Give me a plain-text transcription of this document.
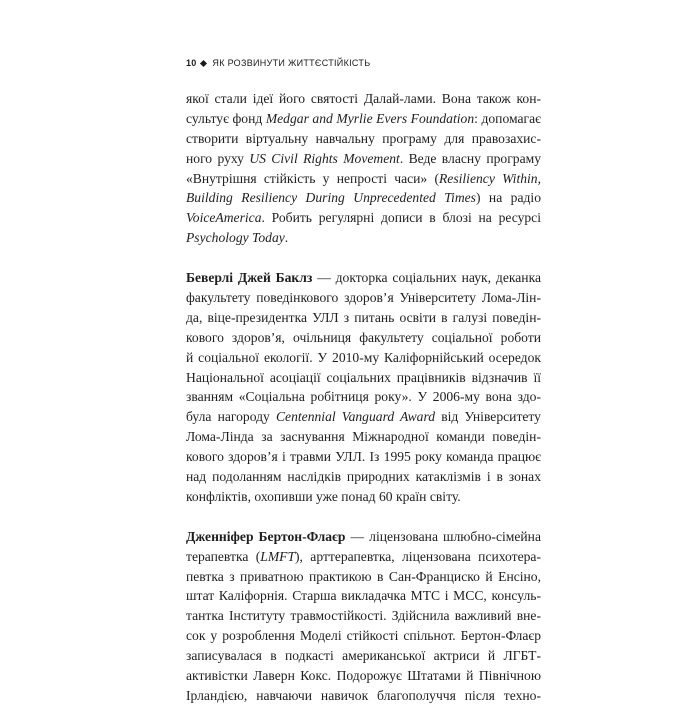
10 ЯК РОЗВИНУТИ ЖИТТЄСТІЙКІСТЬ
якої стали ідеї його святості Далай-лами. Вона також кон-
сультує фонд Medgar and Myrlie Evers Foundation: допомагає
створити віртуальну навчальну програму для правозахис-
ного руху US Civil Rights Movement. Веде власну програму
«Внутрішня стійкість у непрості часи» (Resiliency Within,
Building Resiliency During Unprecedented Times) на радіо
VoiceAmerica. Робить регулярні дописи в блозі на ресурсі
Psychology Today.
Беверлі Джей Баклз — докторка соціальних наук, деканка
факультету поведінкового здоров’я Університету Лома-Лін-
да, віце-президентка УЛЛ з питань освіти в галузі поведін-
кового здоров’я, очільниця факультету соціальної роботи
й соціальної екології. У 2010-му Каліфорнійський осередок
Національної асоціації соціальних працівників відзначив її
званням «Соціальна робітниця року». У 2006-му вона здо-
була нагороду Centennial Vanguard Award від Університету
Лома-Лінда за заснування Міжнародної команди поведін-
кового здоров’я і травми УЛЛ. Із 1995 року команда працює
над подоланням наслідків природних катаклізмів і в зонах
конфліктів, охопивши уже понад 60 країн світу.
Дженніфер Бертон-Флаєр — ліцензована шлюбно-сімейна
терапевтка (LMFT), арттерапевтка, ліцензована психотера-
певтка з приватною практикою в Сан-Франциско й Енсіно,
штат Каліфорнія. Старша викладачка MTC і MCC, консуль-
тантка Інституту травмостійкості. Здійснила важливий вне-
сок у розроблення Моделі стійкості спільнот. Бертон-Флаєр
записувалася в подкасті американської актриси й ЛГБТ-
активістки Лаверн Кокс. Подорожує Штатами й Північною
Ірландією, навчаючи навичок благополуччя після техно-
